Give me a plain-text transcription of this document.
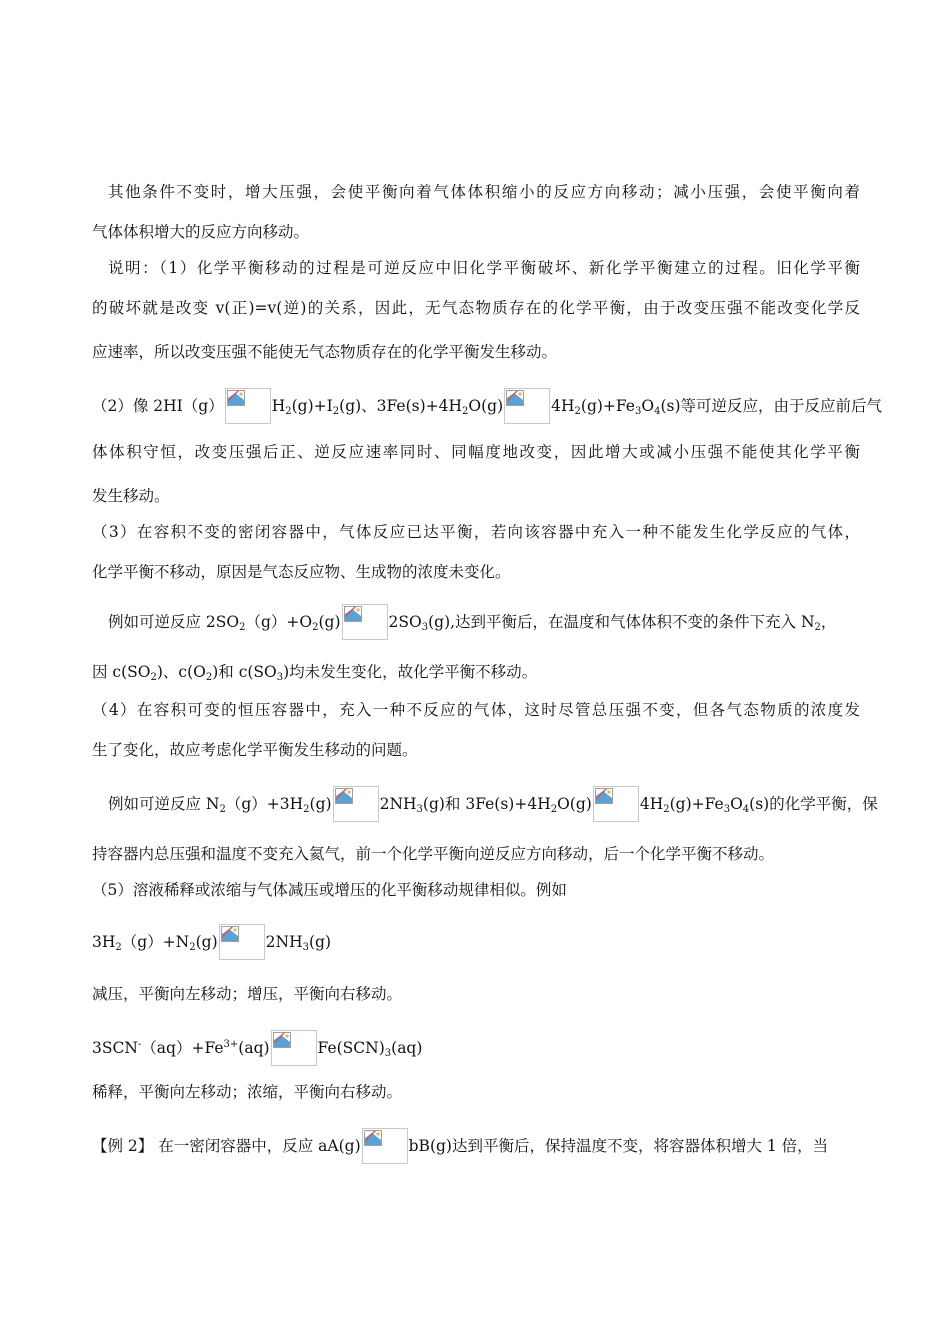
其他条件不变时，增大压强，会使平衡向着气体体积缩小的反应方向移动；减小压强，会使平衡向着
气体体积增大的反应方向移动。
说明：（1）化学平衡移动的过程是可逆反应中旧化学平衡破坏、新化学平衡建立的过程。旧化学平衡
的破坏就是改变 v(正)=v(逆)的关系，因此，无气态物质存在的化学平衡，由于改变压强不能改变化学反
应速率，所以改变压强不能使无气态物质存在的化学平衡发生移动。
（2）像 2HI（g）	$H_2(g)+I_2(g)$、$3Fe(s)+4H_2O(g)$	$4H_2(g)+Fe_3O_4(s)$等可逆反应，由于反应前后气
体体积守恒，改变压强后正、逆反应速率同时、同幅度地改变，因此增大或减小压强不能使其化学平衡
发生移动。
（3）在容积不变的密闭容器中，气体反应已达平衡，若向该容器中充入一种不能发生化学反应的气体，
化学平衡不移动，原因是气态反应物、生成物的浓度未变化。
例如可逆反应 $2SO_2(g)+O_2(g)$	$2SO_3(g)$,达到平衡后，在温度和气体体积不变的条件下充入 $N_2$，
因 $c(SO_2)$、$c(O_2)$和 $c(SO_3)$均未发生变化，故化学平衡不移动。
（4）在容积可变的恒压容器中，充入一种不反应的气体，这时尽管总压强不变，但各气态物质的浓度发
生了变化，故应考虑化学平衡发生移动的问题。
例如可逆反应 $N_2(g)+3H_2(g)$	$2NH_3(g)$和 $3Fe(s)+4H_2O(g)$	$4H_2(g)+Fe_3O_4(s)$的化学平衡，保
持容器内总压强和温度不变充入氦气，前一个化学平衡向逆反应方向移动，后一个化学平衡不移动。
（5）溶液稀释或浓缩与气体减压或增压的化平衡移动规律相似。例如
$3H_2(g)+N_2(g)$	$2NH_3(g)$
减压，平衡向左移动；增压，平衡向右移动。
$3SCN^-(aq)+Fe^{3+}(aq)$	$Fe(SCN)_3(aq)$
稀释，平衡向左移动；浓缩，平衡向右移动。
【例 2】 在一密闭容器中，反应 aA(g)	bB(g)达到平衡后，保持温度不变，将容器体积增大 1 倍，当
